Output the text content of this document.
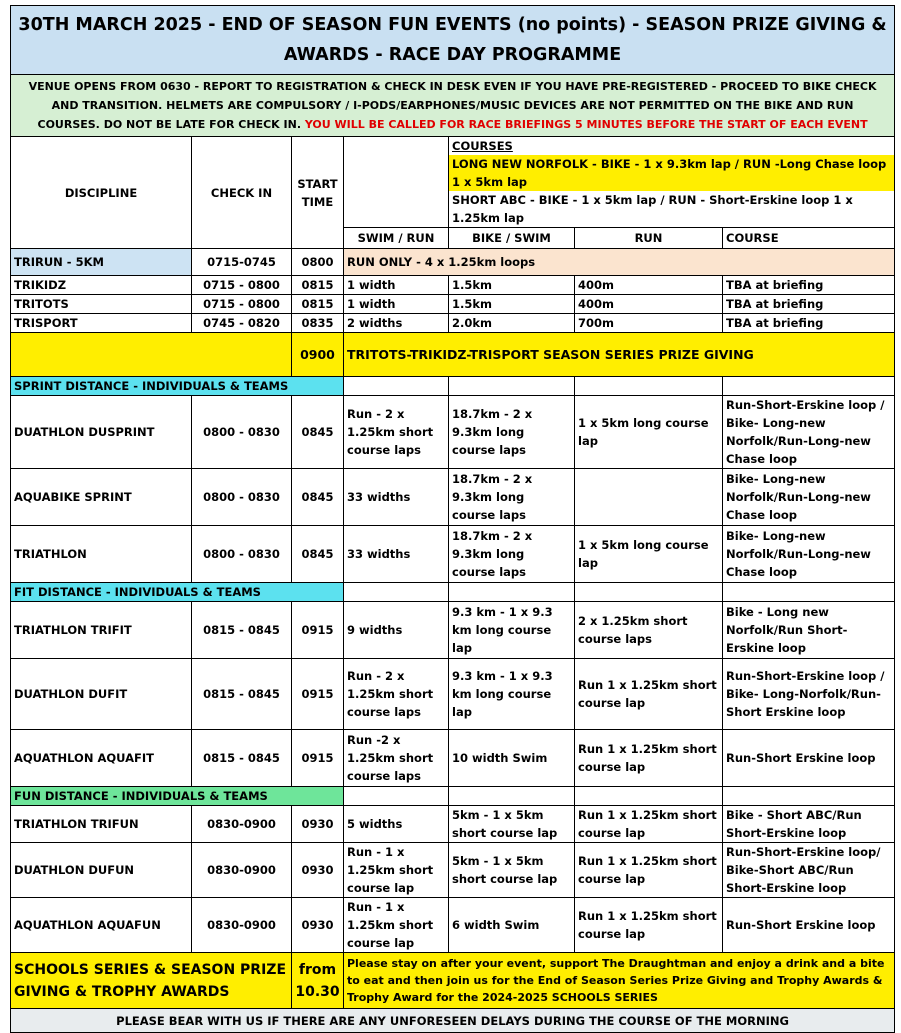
30TH MARCH 2025 - END OF SEASON FUN EVENTS (no points) - SEASON PRIZE GIVING & AWARDS - RACE DAY PROGRAMME						
VENUE OPENS FROM 0630 - REPORT TO REGISTRATION & CHECK IN DESK EVEN IF YOU HAVE PRE-REGISTERED - PROCEED TO BIKE CHECK AND TRANSITION. HELMETS ARE COMPULSORY / I-PODS/EARPHONES/MUSIC DEVICES ARE NOT PERMITTED ON THE BIKE AND RUN COURSES. DO NOT BE LATE FOR CHECK IN. YOU WILL BE CALLED FOR RACE BRIEFINGS 5 MINUTES BEFORE THE START OF EACH EVENT						
DISCIPLINE	CHECK IN	START TIME		COURSES
LONG NEW NORFOLK - BIKE - 1 x 9.3km lap / RUN -Long Chase loop 1 x 5km lap
SHORT ABC - BIKE - 1 x 5km lap / RUN - Short-Erskine loop 1 x 1.25km lap		

			SWIM / RUN	BIKE / SWIM	RUN	COURSE
TRIRUN - 5KM	0715-0745	0800	RUN ONLY - 4 x 1.25km loops			
TRIKIDZ	0715 - 0800	0815	1 width	1.5km	400m	TBA at briefing
TRITOTS	0715 - 0800	0815	1 width	1.5km	400m	TBA at briefing
TRISPORT	0745 - 0820	0835	2 widths	2.0km	700m	TBA at briefing
		0900	TRITOTS-TRIKIDZ-TRISPORT SEASON SERIES PRIZE GIVING			
SPRINT DISTANCE - INDIVIDUALS & TEAMS						
DUATHLON DUSPRINT	0800 - 0830	0845	Run - 2 x 1.25km short course laps	18.7km - 2 x 9.3km long course laps	1 x 5km long course lap	Run-Short-Erskine loop / Bike- Long-new Norfolk/Run-Long-new Chase loop
AQUABIKE SPRINT	0800 - 0830	0845	33 widths	18.7km - 2 x 9.3km long course laps		Bike- Long-new Norfolk/Run-Long-new Chase loop
TRIATHLON	0800 - 0830	0845	33 widths	18.7km - 2 x 9.3km long course laps	1 x 5km long course lap	Bike- Long-new Norfolk/Run-Long-new Chase loop
FIT DISTANCE - INDIVIDUALS & TEAMS						
TRIATHLON TRIFIT	0815 - 0845	0915	9 widths	9.3 km - 1 x 9.3 km long course lap	2 x 1.25km short course laps	Bike - Long new Norfolk/Run Short-Erskine loop
DUATHLON DUFIT	0815 - 0845	0915	Run - 2 x 1.25km short course laps	9.3 km - 1 x 9.3 km long course lap	Run 1 x 1.25km short course lap	Run-Short-Erskine loop / Bike- Long-Norfolk/Run-Short Erskine loop
AQUATHLON AQUAFIT	0815 - 0845	0915	Run -2 x 1.25km short course laps	10 width Swim	Run 1 x 1.25km short course lap	Run-Short Erskine loop
FUN DISTANCE - INDIVIDUALS & TEAMS						
TRIATHLON TRIFUN	0830-0900	0930	5 widths	5km - 1 x 5km short course lap	Run 1 x 1.25km short course lap	Bike - Short ABC/Run Short-Erskine loop
DUATHLON DUFUN	0830-0900	0930	Run - 1 x 1.25km short course lap	5km - 1 x 5km short course lap	Run 1 x 1.25km short course lap	Run-Short-Erskine loop/ Bike-Short ABC/Run Short-Erskine loop
AQUATHLON AQUAFUN	0830-0900	0930	Run - 1 x 1.25km short course lap	6 width Swim	Run 1 x 1.25km short course lap	Run-Short Erskine loop
SCHOOLS SERIES & SEASON PRIZE GIVING & TROPHY AWARDS		from 10.30	Please stay on after your event, support The Draughtman and enjoy a drink and a bite to eat and then join us for the End of Season Series Prize Giving and Trophy Awards & Trophy Award for the 2024-2025 SCHOOLS SERIES			
PLEASE BEAR WITH US IF THERE ARE ANY UNFORESEEN DELAYS DURING THE COURSE OF THE MORNING						
